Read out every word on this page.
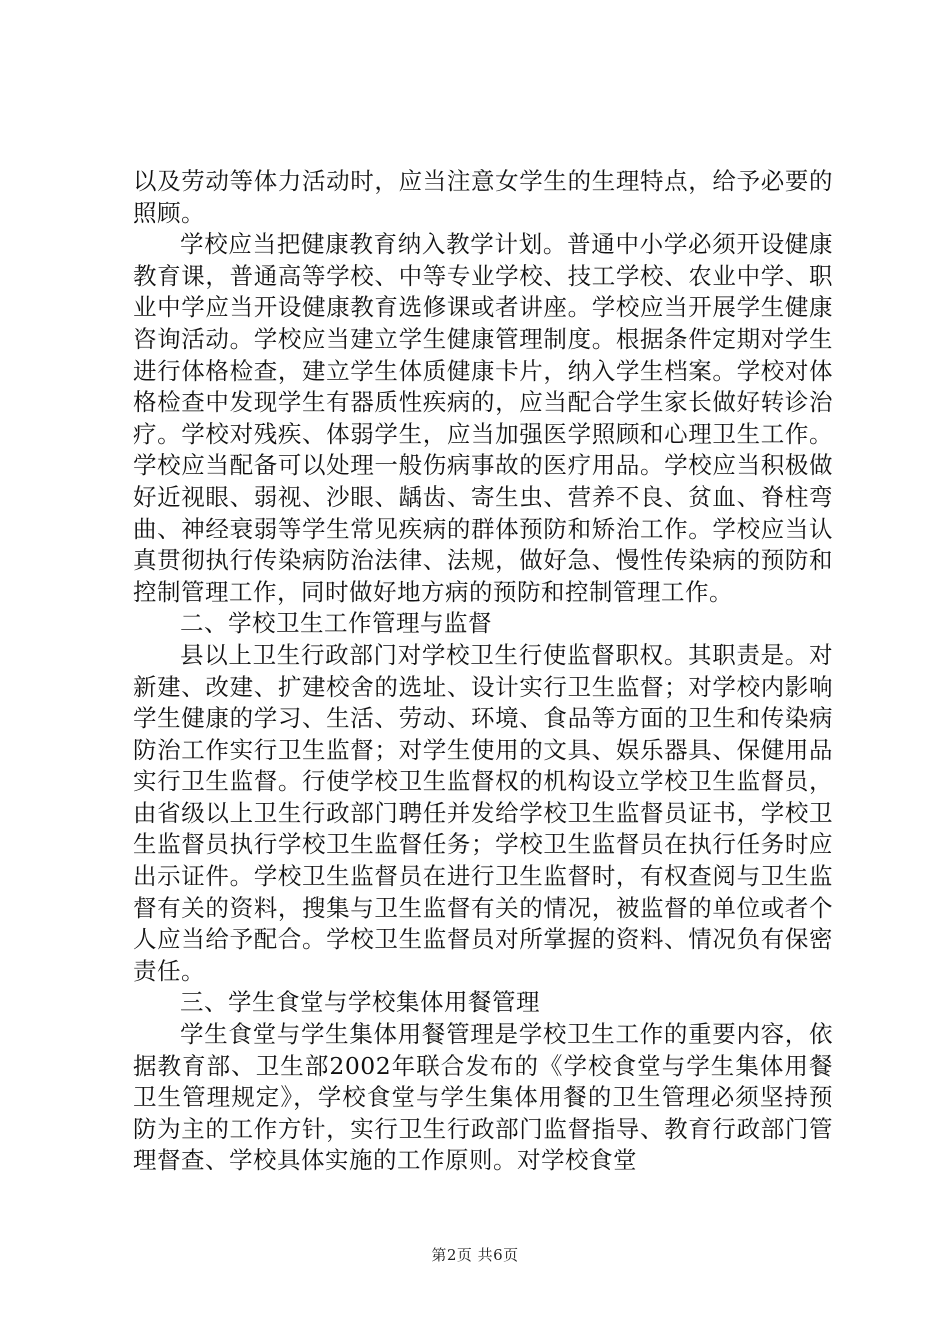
以及劳动等体力活动时，应当注意女学生的生理特点，给予必要的照顾。

学校应当把健康教育纳入教学计划。普通中小学必须开设健康教育课，普通高等学校、中等专业学校、技工学校、农业中学、职业中学应当开设健康教育选修课或者讲座。学校应当开展学生健康咨询活动。学校应当建立学生健康管理制度。根据条件定期对学生进行体格检查，建立学生体质健康卡片，纳入学生档案。学校对体格检查中发现学生有器质性疾病的，应当配合学生家长做好转诊治疗。学校对残疾、体弱学生，应当加强医学照顾和心理卫生工作。学校应当配备可以处理一般伤病事故的医疗用品。学校应当积极做好近视眼、弱视、沙眼、龋齿、寄生虫、营养不良、贫血、脊柱弯曲、神经衰弱等学生常见疾病的群体预防和矫治工作。学校应当认真贯彻执行传染病防治法律、法规，做好急、慢性传染病的预防和控制管理工作，同时做好地方病的预防和控制管理工作。

二、学校卫生工作管理与监督

县以上卫生行政部门对学校卫生行使监督职权。其职责是。对新建、改建、扩建校舍的选址、设计实行卫生监督；对学校内影响学生健康的学习、生活、劳动、环境、食品等方面的卫生和传染病防治工作实行卫生监督；对学生使用的文具、娱乐器具、保健用品实行卫生监督。行使学校卫生监督权的机构设立学校卫生监督员，由省级以上卫生行政部门聘任并发给学校卫生监督员证书，学校卫生监督员执行学校卫生监督任务；学校卫生监督员在执行任务时应出示证件。学校卫生监督员在进行卫生监督时，有权查阅与卫生监督有关的资料，搜集与卫生监督有关的情况，被监督的单位或者个人应当给予配合。学校卫生监督员对所掌握的资料、情况负有保密责任。

三、学生食堂与学校集体用餐管理

学生食堂与学生集体用餐管理是学校卫生工作的重要内容，依据教育部、卫生部2002年联合发布的《学校食堂与学生集体用餐卫生管理规定》，学校食堂与学生集体用餐的卫生管理必须坚持预防为主的工作方针，实行卫生行政部门监督指导、教育行政部门管理督查、学校具体实施的工作原则。对学校食堂

第2页 共6页
